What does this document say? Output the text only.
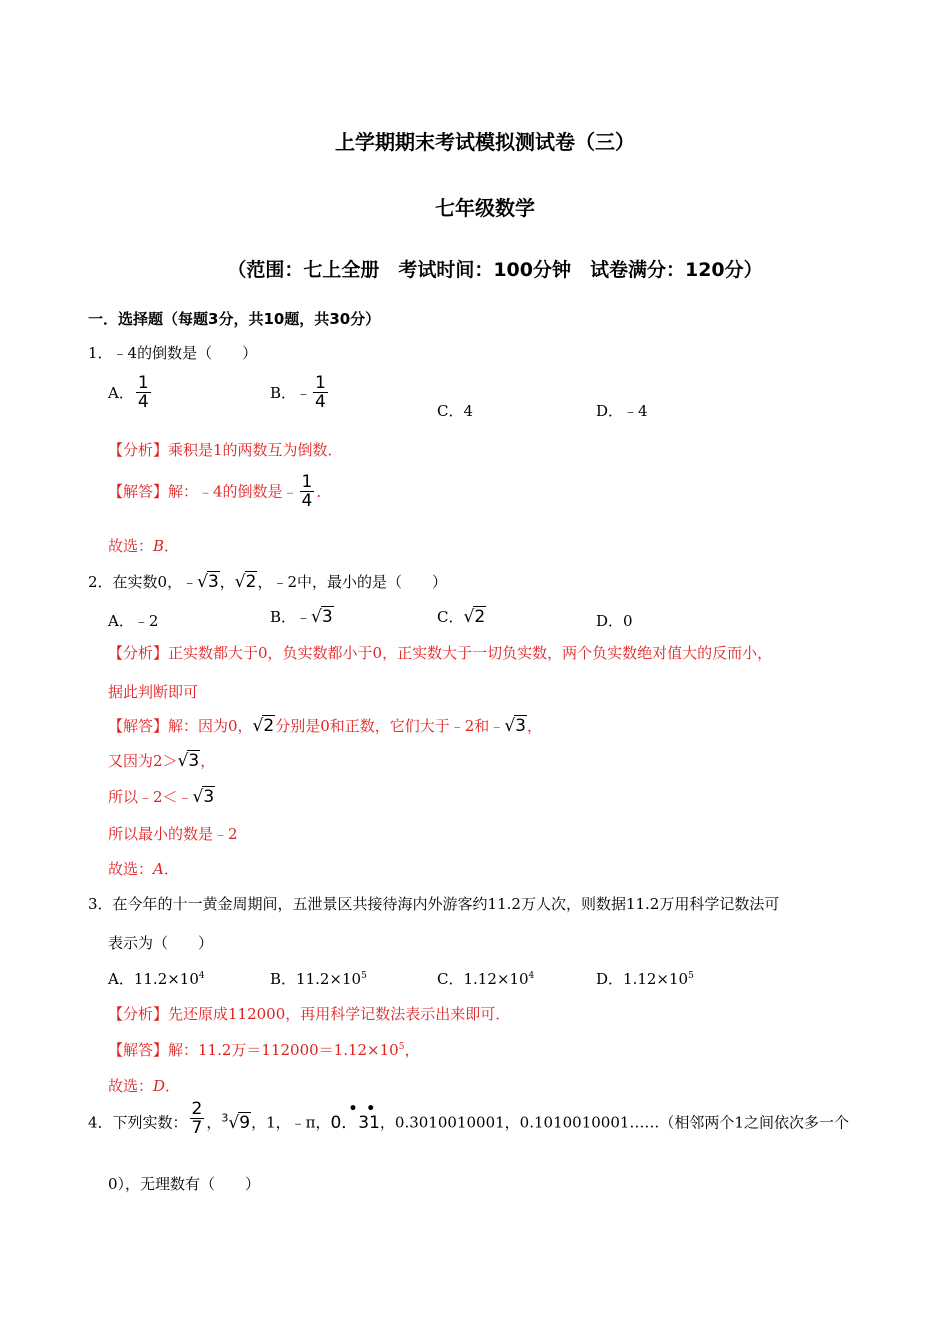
上学期期末考试模拟测试卷（三）
七年级数学
（范围：七上全册　考试时间：100分钟　试卷满分：120分）
一．选择题（每题3分，共10题，共30分）
1．﹣4的倒数是（　　）
A． $\frac{1}{4}$	B．﹣ $\frac{1}{4}$	C．4	D．﹣4
【分析】乘积是1的两数互为倒数．
【解答】解：﹣4的倒数是﹣ $\frac{1}{4}$ ．
故选：B．
2．在实数0，﹣√3，√2，﹣2中，最小的是（　　）
A．﹣2	B．﹣√3	C．√2	D．0
【分析】正实数都大于0，负实数都小于0，正实数大于一切负实数，两个负实数绝对值大的反而小，
据此判断即可
【解答】解：因为0，√2分别是0和正数，它们大于﹣2和﹣√3，
又因为2＞√3，
所以﹣2＜﹣√3
所以最小的数是﹣2
故选：A．
3．在今年的十一黄金周期间，五泄景区共接待海内外游客约11.2万人次，则数据11.2万用科学记数法可
表示为（　　）
A．$11.2\times 10^4$	B．$11.2\times 10^5$	C．$1.12\times 10^4$	D．$1.12\times 10^5$
【分析】先还原成112000，再用科学记数法表示出来即可．
【解答】解：11.2万$=112000=1.12\times 10^5$，
故选：D．
4．下列实数： $\frac{2}{7}$ ，$^3$√9，1，﹣π，
• •
0．31，0.3010010001，0.1010010001……（相邻两个1之间依次多一个
0），无理数有（　　）
